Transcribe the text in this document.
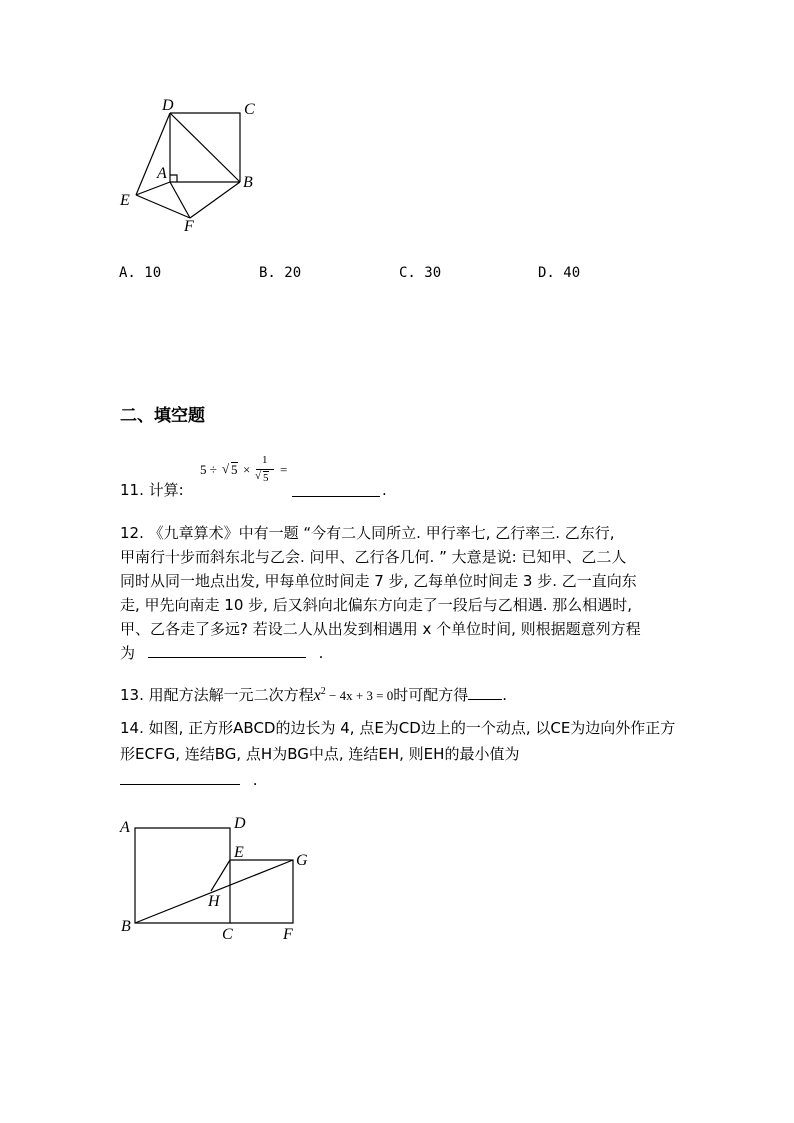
D	C
A
B
E
F
A. 10	B. 20	C. 30	D. 40
二、填空题
11. 计算:
5 ÷ √ 5 ×
1
√ 5
=
.
12. 《九章算术》中有一题 “今有二人同所立. 甲行率七, 乙行率三. 乙东行,
甲南行十步而斜东北与乙会. 问甲、乙行各几何. ” 大意是说: 已知甲、乙二人
同时从同一地点出发, 甲每单位时间走 7 步, 乙每单位时间走 3 步. 乙一直向东
走, 甲先向南走 10 步, 后又斜向北偏东方向走了一段后与乙相遇. 那么相遇时,
甲、乙各走了多远? 若设二人从出发到相遇用 x 个单位时间, 则根据题意列方程
为	.
13. 用配方法解一元二次方程$x^2 - 4x + 3 = 0$时可配方得 .
14. 如图, 正方形ABCD的边长为 4, 点E为CD边上的一个动点, 以CE为边向外作正方
形ECFG, 连结BG, 点H为BG中点, 连结EH, 则EH的最小值为
.
A	D
E	G
H
B	C	F
